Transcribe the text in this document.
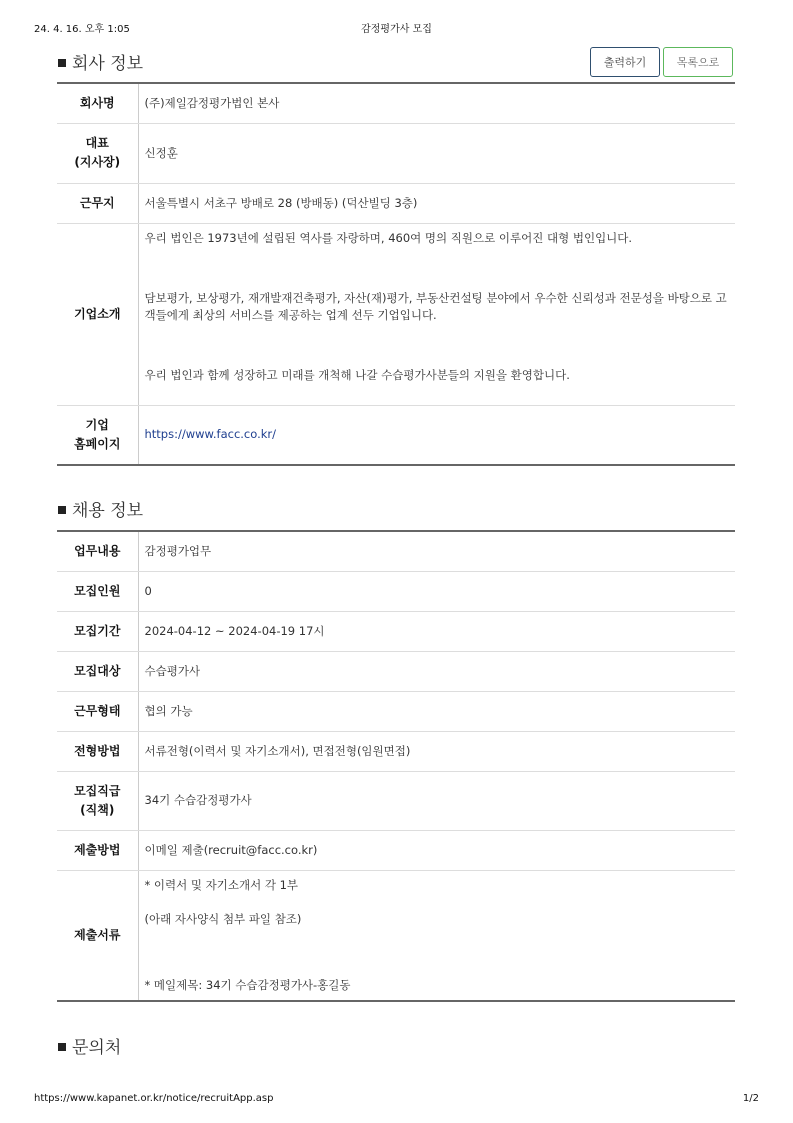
24. 4. 16. 오후 1:05	감정평가사 모집
회사 정보	출력하기	목록으로
회사명	(주)제일감정평가법인 본사
대표
(지사장)	신정훈
근무지	서울특별시 서초구 방배로 28 (방배동) (덕산빌딩 3층)
기업소개	우리 법인은 1973년에 설립된 역사를 자랑하며, 460여 명의 직원으로 이루어진 대형 법인입니다.
담보평가, 보상평가, 재개발재건축평가, 자산(재)평가, 부동산컨설팅 분야에서 우수한 신뢰성과 전문성을 바탕으로 고객들에게 최상의 서비스를 제공하는 업계 선두 기업입니다.
우리 법인과 함께 성장하고 미래를 개척해 나갈 수습평가사분들의 지원을 환영합니다.

기업
홈페이지	https://www.facc.co.kr/
채용 정보
업무내용	감정평가업무
모집인원	0
모집기간	2024-04-12 ~ 2024-04-19 17시
모집대상	수습평가사
근무형태	협의 가능
전형방법	서류전형(이력서 및 자기소개서), 면접전형(임원면접)
모집직급
(직책)	34기 수습감정평가사
제출방법	이메일 제출(recruit@facc.co.kr)
제출서류	* 이력서 및 자기소개서 각 1부
(아래 자사양식 첨부 파일 참조)
* 메일제목: 34기 수습감정평가사-홍길동
문의처
https://www.kapanet.or.kr/notice/recruitApp.asp	1/2
